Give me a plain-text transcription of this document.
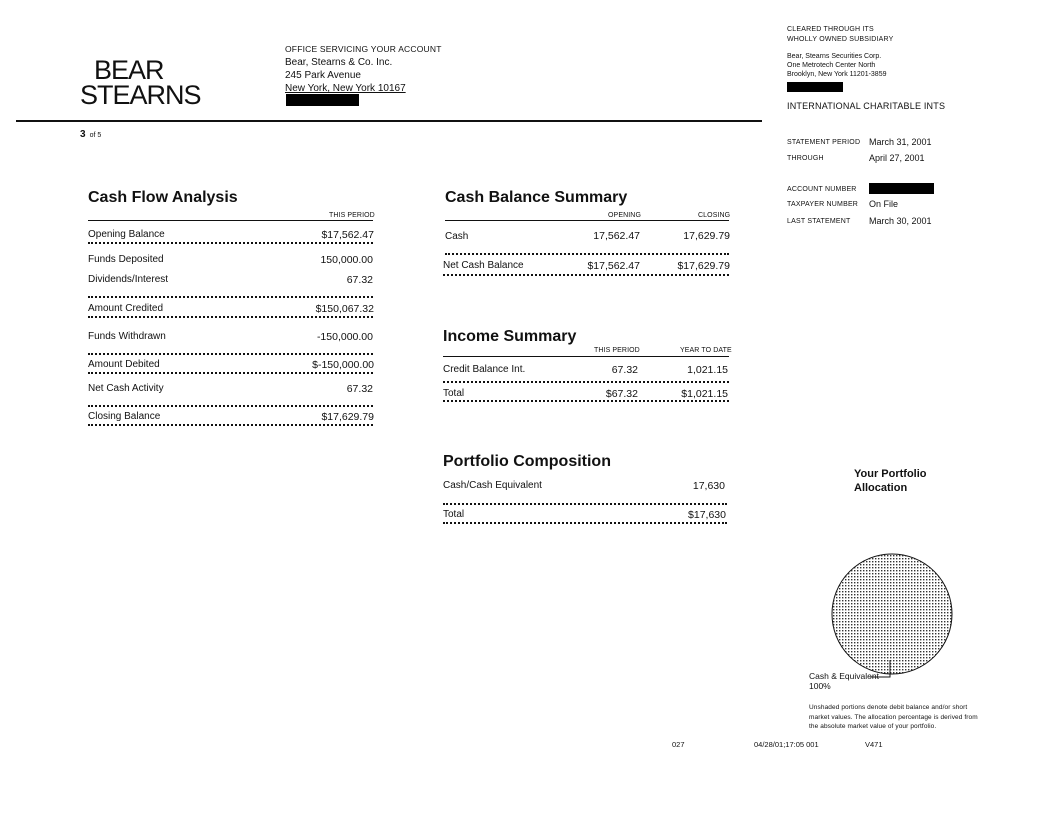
BEAR
STEARNS
OFFICE SERVICING YOUR ACCOUNT
Bear, Stearns & Co. Inc.
245 Park Avenue
New York, New York 10167
3 of 5
CLEARED THROUGH ITS
WHOLLY OWNED SUBSIDIARY
Bear, Stearns Securities Corp.
One Metrotech Center North
Brooklyn, New York 11201-3859
INTERNATIONAL CHARITABLE INTS
STATEMENT PERIOD March 31, 2001
THROUGH	April 27, 2001
ACCOUNT NUMBER
TAXPAYER NUMBER On File
LAST STATEMENT March 30, 2001
Cash Flow Analysis
THIS PERIOD
Opening Balance	$17,562.47
Funds Deposited	150,000.00
Dividends/Interest	67.32
Amount Credited	$150,067.32
Funds Withdrawn	-150,000.00
Amount Debited	$-150,000.00
Net Cash Activity	67.32
Closing Balance	$17,629.79
Cash Balance Summary
OPENING	CLOSING
Cash	17,562.47	17,629.79
Net Cash Balance	$17,562.47	$17,629.79
Income Summary
THIS PERIOD	YEAR TO DATE
Credit Balance Int.	67.32	1,021.15
Total	$67.32	$1,021.15
Portfolio Composition
Cash/Cash Equivalent	17,630
Total	$17,630
Your Portfolio
Allocation
Cash & Equivalent
100%
Unshaded portions denote debit balance and/or short market values. The allocation percentage is derived from the absolute market value of your portfolio.
027	04/28/01;17:05 001	V471
